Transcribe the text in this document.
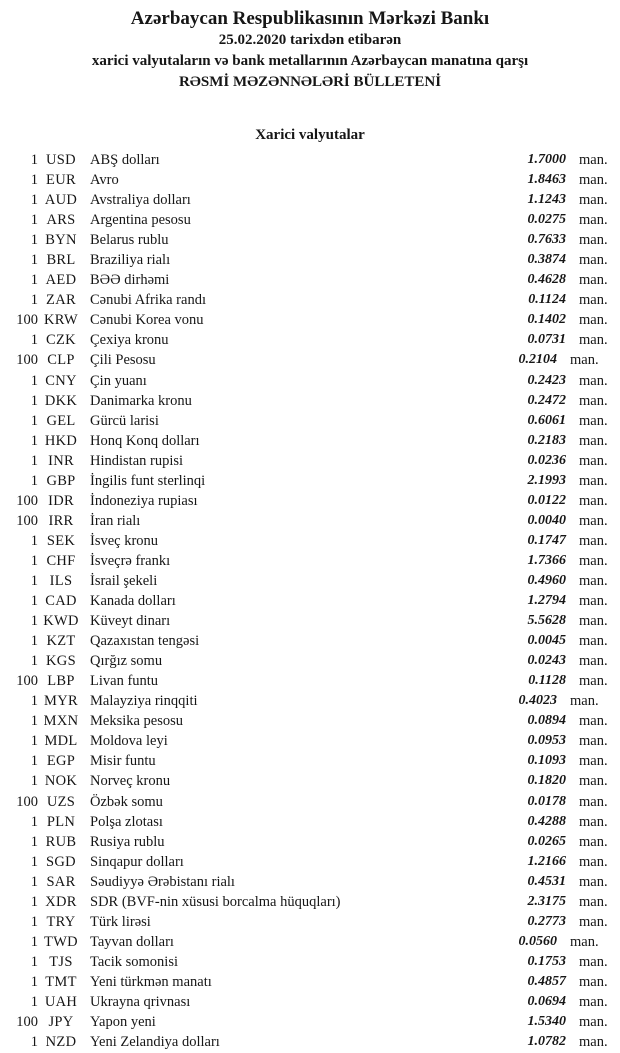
Azərbaycan Respublikasının Mərkəzi Bankı
25.02.2020 tarixdən etibarən
xarici valyutaların və bank metallarının Azərbaycan manatına qarşı
RƏSMİ MƏZƏNNƏLƏRİ BÜLLETENİ
Xarici valyutalar
1 USD ABŞ dolları	1.7000 man.
1 EUR Avro	1.8463 man.
1 AUD Avstraliya dolları	1.1243 man.
1 ARS Argentina pesosu	0.0275 man.
1 BYN Belarus rublu	0.7633 man.
1 BRL Braziliya rialı	0.3874 man.
1 AED BƏƏ dirhəmi	0.4628 man.
1 ZAR Cənubi Afrika randı	0.1124 man.
100 KRW Cənubi Korea vonu	0.1402 man.
1 CZK Çexiya kronu	0.0731 man.
100 CLP	Çili Pesosu	0.2104 man.
1 CNY Çin yuanı	0.2423 man.
1 DKK Danimarka kronu	0.2472 man.
1 GEL Gürcü larisi	0.6061 man.
1 HKD Honq Konq dolları	0.2183 man.
1 INR	Hindistan rupisi	0.0236 man.
1 GBP İngilis funt sterlinqi	2.1993 man.
100 IDR	İndoneziya rupiası	0.0122 man.
100 IRR	İran rialı	0.0040 man.
1 SEK	İsveç kronu	0.1747 man.
1 CHF İsveçrə frankı	1.7366 man.
1 ILS	İsrail şekeli	0.4960 man.
1 CAD Kanada dolları	1.2794 man.
1 KWD Küveyt dinarı	5.5628 man.
1 KZT Qazaxıstan tengəsi	0.0045 man.
1 KGS Qırğız somu	0.0243 man.
100 LBP	Livan funtu	0.1128 man.
1 MYR Malayziya rinqqiti	0.4023 man.
1 MXN Meksika pesosu	0.0894 man.
1 MDL Moldova leyi	0.0953 man.
1 EGP	Misir funtu	0.1093 man.
1 NOK Norveç kronu	0.1820 man.
100 UZS	Özbək somu	0.0178 man.
1 PLN	Polşa zlotası	0.4288 man.
1 RUB Rusiya rublu	0.0265 man.
1 SGD Sinqapur dolları	1.2166 man.
1 SAR Səudiyyə Ərəbistanı rialı	0.4531 man.
1 XDR SDR (BVF-nin xüsusi borcalma hüquqları)	2.3175 man.
1 TRY Türk lirəsi	0.2773 man.
1 TWD Tayvan dolları	0.0560 man.
1 TJS	Tacik somonisi	0.1753 man.
1 TMT Yeni türkmən manatı	0.4857 man.
1 UAH Ukrayna qrivnası	0.0694 man.
100 JPY	Yapon yeni	1.5340 man.
1 NZD Yeni Zelandiya dolları	1.0782 man.
